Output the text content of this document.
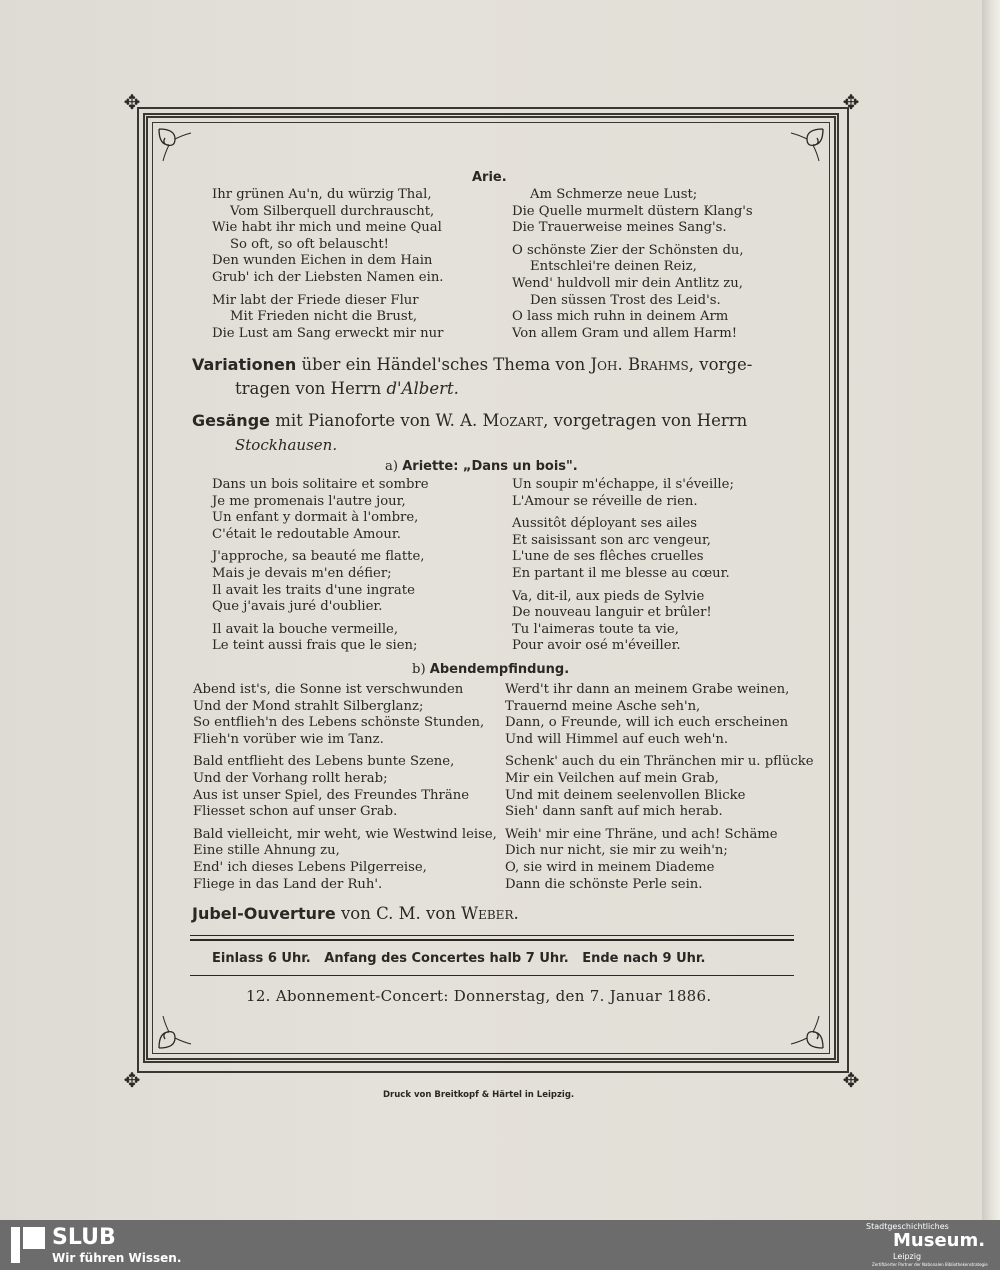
✥	✥
✥	✥
Arie.
Ihr grünen Au'n, du würzig Thal,
Vom Silberquell durchrauscht,
Wie habt ihr mich und meine Qual
So oft, so oft belauscht!
Den wunden Eichen in dem Hain
Grub' ich der Liebsten Namen ein.
Mir labt der Friede dieser Flur
Mit Frieden nicht die Brust,
Die Lust am Sang erweckt mir nur
Am Schmerze neue Lust;
Die Quelle murmelt düstern Klang's
Die Trauerweise meines Sang's.
O schönste Zier der Schönsten du,
Entschlei're deinen Reiz,
Wend' huldvoll mir dein Antlitz zu,
Den süssen Trost des Leid's.
O lass mich ruhn in deinem Arm
Von allem Gram und allem Harm!
Variationen über ein Händel'sches Thema von Joh. Brahms, vorge-
tragen von Herrn d'Albert.
Gesänge mit Pianoforte von W. A. Mozart, vorgetragen von Herrn
Stockhausen.
a) Ariette: „Dans un bois".
Dans un bois solitaire et sombre
Je me promenais l'autre jour,
Un enfant y dormait à l'ombre,
C'était le redoutable Amour.
J'approche, sa beauté me flatte,
Mais je devais m'en défier;
Il avait les traits d'une ingrate
Que j'avais juré d'oublier.
Il avait la bouche vermeille,
Le teint aussi frais que le sien;
Un soupir m'échappe, il s'éveille;
L'Amour se réveille de rien.
Aussitôt déployant ses ailes
Et saisissant son arc vengeur,
L'une de ses flêches cruelles
En partant il me blesse au cœur.
Va, dit-il, aux pieds de Sylvie
De nouveau languir et brûler!
Tu l'aimeras toute ta vie,
Pour avoir osé m'éveiller.
b) Abendempfindung.
Abend ist's, die Sonne ist verschwunden
Und der Mond strahlt Silberglanz;
So entflieh'n des Lebens schönste Stunden,
Flieh'n vorüber wie im Tanz.
Bald entflieht des Lebens bunte Szene,
Und der Vorhang rollt herab;
Aus ist unser Spiel, des Freundes Thräne
Fliesset schon auf unser Grab.
Bald vielleicht, mir weht, wie Westwind leise,
Eine stille Ahnung zu,
End' ich dieses Lebens Pilgerreise,
Fliege in das Land der Ruh'.
Werd't ihr dann an meinem Grabe weinen,
Trauernd meine Asche seh'n,
Dann, o Freunde, will ich euch erscheinen
Und will Himmel auf euch weh'n.
Schenk' auch du ein Thränchen mir u. pflücke
Mir ein Veilchen auf mein Grab,
Und mit deinem seelenvollen Blicke
Sieh' dann sanft auf mich herab.
Weih' mir eine Thräne, und ach! Schäme
Dich nur nicht, sie mir zu weih'n;
O, sie wird in meinem Diademe
Dann die schönste Perle sein.
Jubel-Ouverture von C. M. von Weber.
Einlass 6 Uhr.   Anfang des Concertes halb 7 Uhr.   Ende nach 9 Uhr.
12. Abonnement-Concert: Donnerstag, den 7. Januar 1886.
Druck von Breitkopf & Härtel in Leipzig.
SLUB
Wir führen Wissen.
Stadtgeschichtliches
Museum.
Leipzig
Zertifizierter Partner der Nationalen Bibliothekenstrategie
